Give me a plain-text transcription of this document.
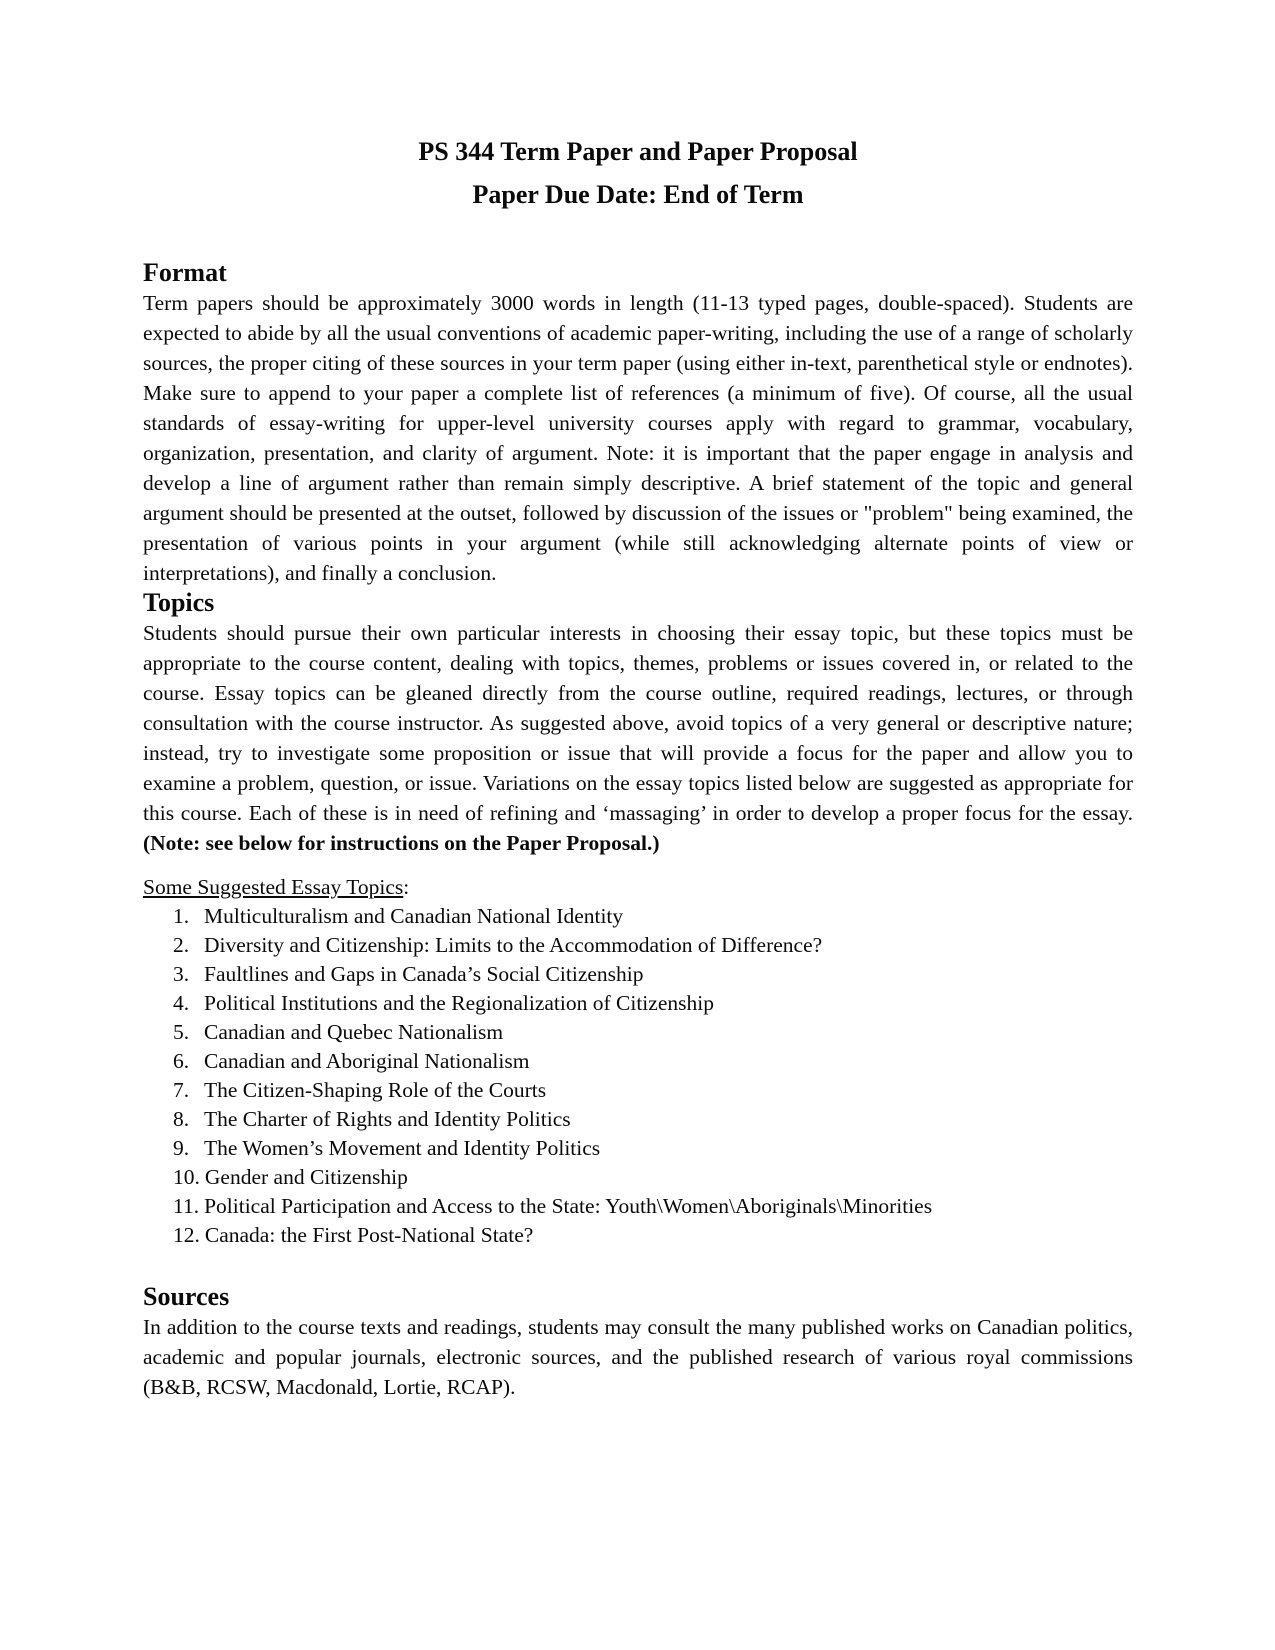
PS 344 Term Paper and Paper Proposal
Paper Due Date: End of Term
Format
Term papers should be approximately 3000 words in length (11-13 typed pages, double-spaced). Students are expected to abide by all the usual conventions of academic paper-writing, including the use of a range of scholarly sources, the proper citing of these sources in your term paper (using either in-text, parenthetical style or endnotes). Make sure to append to your paper a complete list of references (a minimum of five). Of course, all the usual standards of essay-writing for upper-level university courses apply with regard to grammar, vocabulary, organization, presentation, and clarity of argument. Note: it is important that the paper engage in analysis and develop a line of argument rather than remain simply descriptive. A brief statement of the topic and general argument should be presented at the outset, followed by discussion of the issues or "problem" being examined, the presentation of various points in your argument (while still acknowledging alternate points of view or interpretations), and finally a conclusion.
Topics
Students should pursue their own particular interests in choosing their essay topic, but these topics must be appropriate to the course content, dealing with topics, themes, problems or issues covered in, or related to the course. Essay topics can be gleaned directly from the course outline, required readings, lectures, or through consultation with the course instructor. As suggested above, avoid topics of a very general or descriptive nature; instead, try to investigate some proposition or issue that will provide a focus for the paper and allow you to examine a problem, question, or issue. Variations on the essay topics listed below are suggested as appropriate for this course. Each of these is in need of refining and ‘massaging’ in order to develop a proper focus for the essay. (Note: see below for instructions on the Paper Proposal.)
Some Suggested Essay Topics:
1. Multiculturalism and Canadian National Identity
2. Diversity and Citizenship: Limits to the Accommodation of Difference?
3. Faultlines and Gaps in Canada’s Social Citizenship
4. Political Institutions and the Regionalization of Citizenship
5. Canadian and Quebec Nationalism
6. Canadian and Aboriginal Nationalism
7. The Citizen-Shaping Role of the Courts
8. The Charter of Rights and Identity Politics
9. The Women’s Movement and Identity Politics
10. Gender and Citizenship
11. Political Participation and Access to the State: Youth\Women\Aboriginals\Minorities
12. Canada: the First Post-National State?
Sources
In addition to the course texts and readings, students may consult the many published works on Canadian politics, academic and popular journals, electronic sources, and the published research of various royal commissions (B&B, RCSW, Macdonald, Lortie, RCAP).
